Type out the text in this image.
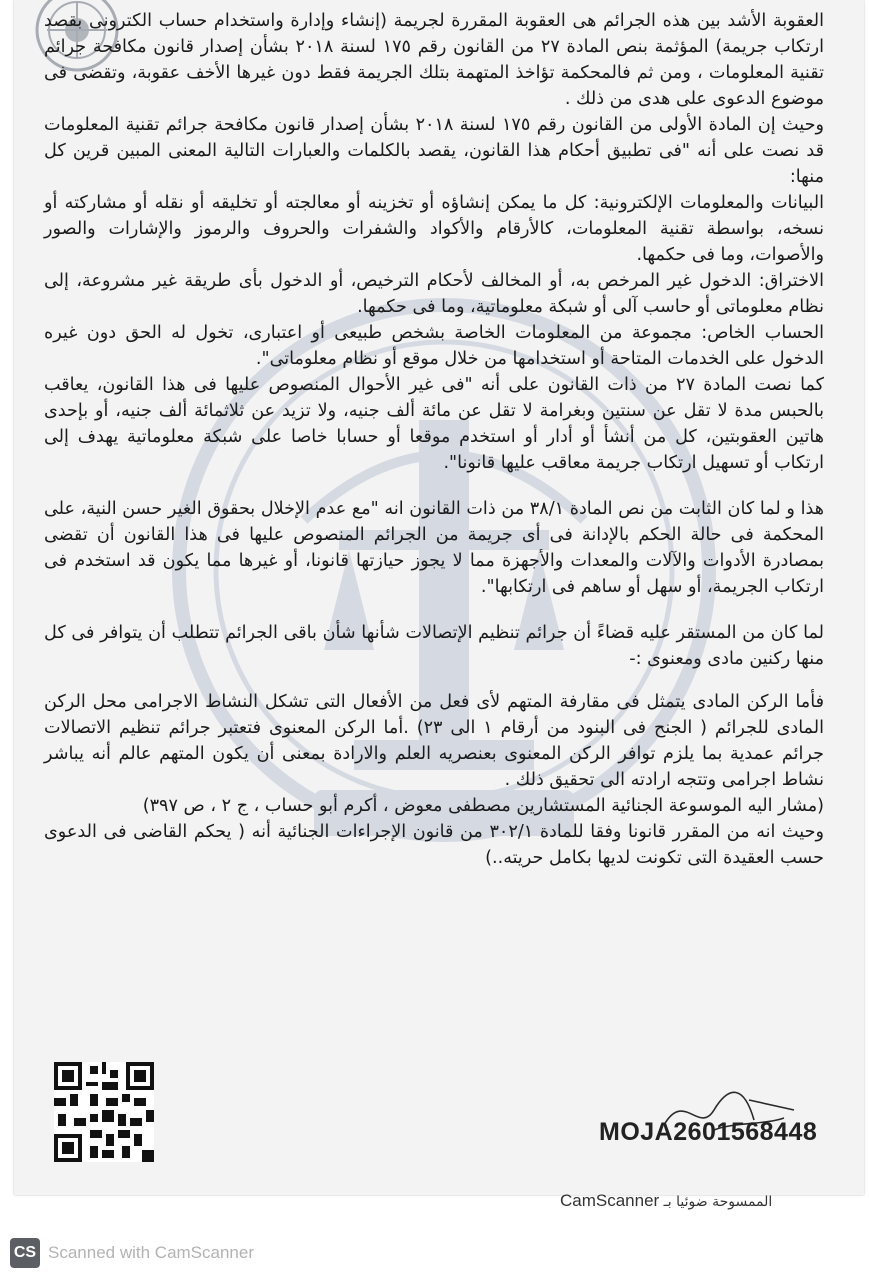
العقوبة الأشد بين هذه الجرائم هى العقوبة المقررة لجريمة (إنشاء وإدارة واستخدام حساب الكترونى بقصد ارتكاب جريمة) المؤثمة بنص المادة ٢٧ من القانون رقم ١٧٥ لسنة ٢٠١٨ بشأن إصدار قانون مكافحة جرائم تقنية المعلومات ، ومن ثم فالمحكمة تؤاخذ المتهمة بتلك الجريمة فقط دون غيرها الأخف عقوبة، وتقضى فى موضوع الدعوى على هدى من ذلك .

وحيث إن المادة الأولى من القانون رقم ١٧٥ لسنة ٢٠١٨ بشأن إصدار قانون مكافحة جرائم تقنية المعلومات قد نصت على أنه "فى تطبيق أحكام هذا القانون، يقصد بالكلمات والعبارات التالية المعنى المبين قرين كل منها:

البيانات والمعلومات الإلكترونية: كل ما يمكن إنشاؤه أو تخزينه أو معالجته أو تخليقه أو نقله أو مشاركته أو نسخه، بواسطة تقنية المعلومات، كالأرقام والأكواد والشفرات والحروف والرموز والإشارات والصور والأصوات، وما فى حكمها.

الاختراق: الدخول غير المرخص به، أو المخالف لأحكام الترخيص، أو الدخول بأى طريقة غير مشروعة، إلى نظام معلوماتى أو حاسب آلى أو شبكة معلوماتية، وما فى حكمها.

الحساب الخاص: مجموعة من المعلومات الخاصة بشخص طبيعى أو اعتبارى، تخول له الحق دون غيره الدخول على الخدمات المتاحة أو استخدامها من خلال موقع أو نظام معلوماتى".

كما نصت المادة ٢٧ من ذات القانون على أنه "فى غير الأحوال المنصوص عليها فى هذا القانون، يعاقب بالحبس مدة لا تقل عن سنتين وبغرامة لا تقل عن مائة ألف جنيه، ولا تزيد عن ثلاثمائة ألف جنيه، أو بإحدى هاتين العقوبتين، كل من أنشأ أو أدار أو استخدم موقعا أو حسابا خاصا على شبكة معلوماتية يهدف إلى ارتكاب أو تسهيل ارتكاب جريمة معاقب عليها قانونا".

هذا و لما كان الثابت من نص المادة ٣٨/١ من ذات القانون انه "مع عدم الإخلال بحقوق الغير حسن النية، على المحكمة فى حالة الحكم بالإدانة فى أى جريمة من الجرائم المنصوص عليها فى هذا القانون أن تقضى بمصادرة الأدوات والآلات والمعدات والأجهزة مما لا يجوز حيازتها قانونا، أو غيرها مما يكون قد استخدم فى ارتكاب الجريمة، أو سهل أو ساهم فى ارتكابها".

لما كان من المستقر عليه قضاءً أن جرائم تنظيم الإتصالات شأنها شأن باقى الجرائم تتطلب أن يتوافر فى كل منها ركنين مادى ومعنوى :-

فأما الركن المادى يتمثل فى مقارفة المتهم لأى فعل من الأفعال التى تشكل النشاط الاجرامى محل الركن المادى للجرائم ( الجنح فى البنود من أرقام ١ الى ٢٣) .أما الركن المعنوى فتعتبر جرائم تنظيم الاتصالات جرائم عمدية بما يلزم توافر الركن المعنوى بعنصريه العلم والارادة بمعنى أن يكون المتهم عالم أنه يباشر نشاط اجرامى وتتجه ارادته الى تحقيق ذلك .

(مشار اليه الموسوعة الجنائية المستشارين مصطفى معوض ، أكرم أبو حساب ، ج ٢ ، ص ٣٩٧)

وحيث انه من المقرر قانونا وفقا للمادة ٣٠٢/١ من قانون الإجراءات الجنائية أنه ( يحكم القاضى فى الدعوى حسب العقيدة التى تكونت لديها بكامل حريته..)

MOJA2601568448
الممسوحة ضوئيا بـ CamScanner
CS Scanned with CamScanner
